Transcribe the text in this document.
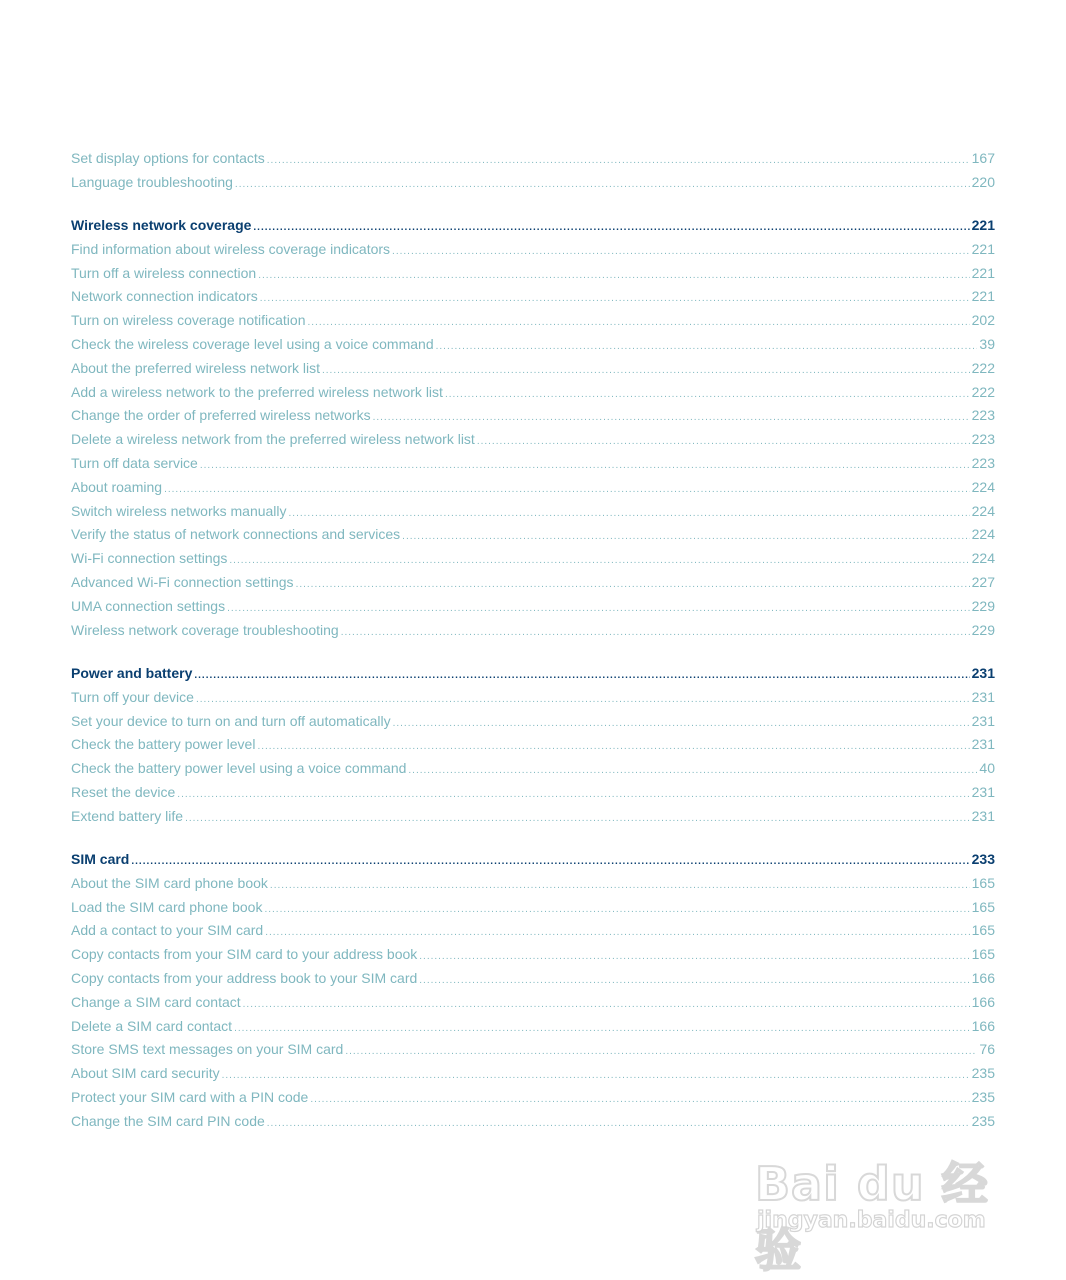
Set display options for contacts .....	167
Language troubleshooting .....	220
Wireless network coverage .....	221
Find information about wireless coverage indicators .....	221
Turn off a wireless connection .....	221
Network connection indicators .....	221
Turn on wireless coverage notification .....	202
Check the wireless coverage level using a voice command .....	39
About the preferred wireless network list .....	222
Add a wireless network to the preferred wireless network list .....	222
Change the order of preferred wireless networks .....	223
Delete a wireless network from the preferred wireless network list .....	223
Turn off data service .....	223
About roaming .....	224
Switch wireless networks manually .....	224
Verify the status of network connections and services .....	224
Wi-Fi connection settings .....	224
Advanced Wi-Fi connection settings .....	227
UMA connection settings .....	229
Wireless network coverage troubleshooting .....	229
Power and battery .....	231
Turn off your device .....	231
Set your device to turn on and turn off automatically .....	231
Check the battery power level .....	231
Check the battery power level using a voice command .....	40
Reset the device .....	231
Extend battery life .....	231
SIM card .....	233
About the SIM card phone book .....	165
Load the SIM card phone book .....	165
Add a contact to your SIM card .....	165
Copy contacts from your SIM card to your address book .....	165
Copy contacts from your address book to your SIM card .....	166
Change a SIM card contact .....	166
Delete a SIM card contact .....	166
Store SMS text messages on your SIM card .....	76
About SIM card security .....	235
Protect your SIM card with a PIN code .....	235
Change the SIM card PIN code .....	235
Bai du 经验
jingyan.baidu.com
